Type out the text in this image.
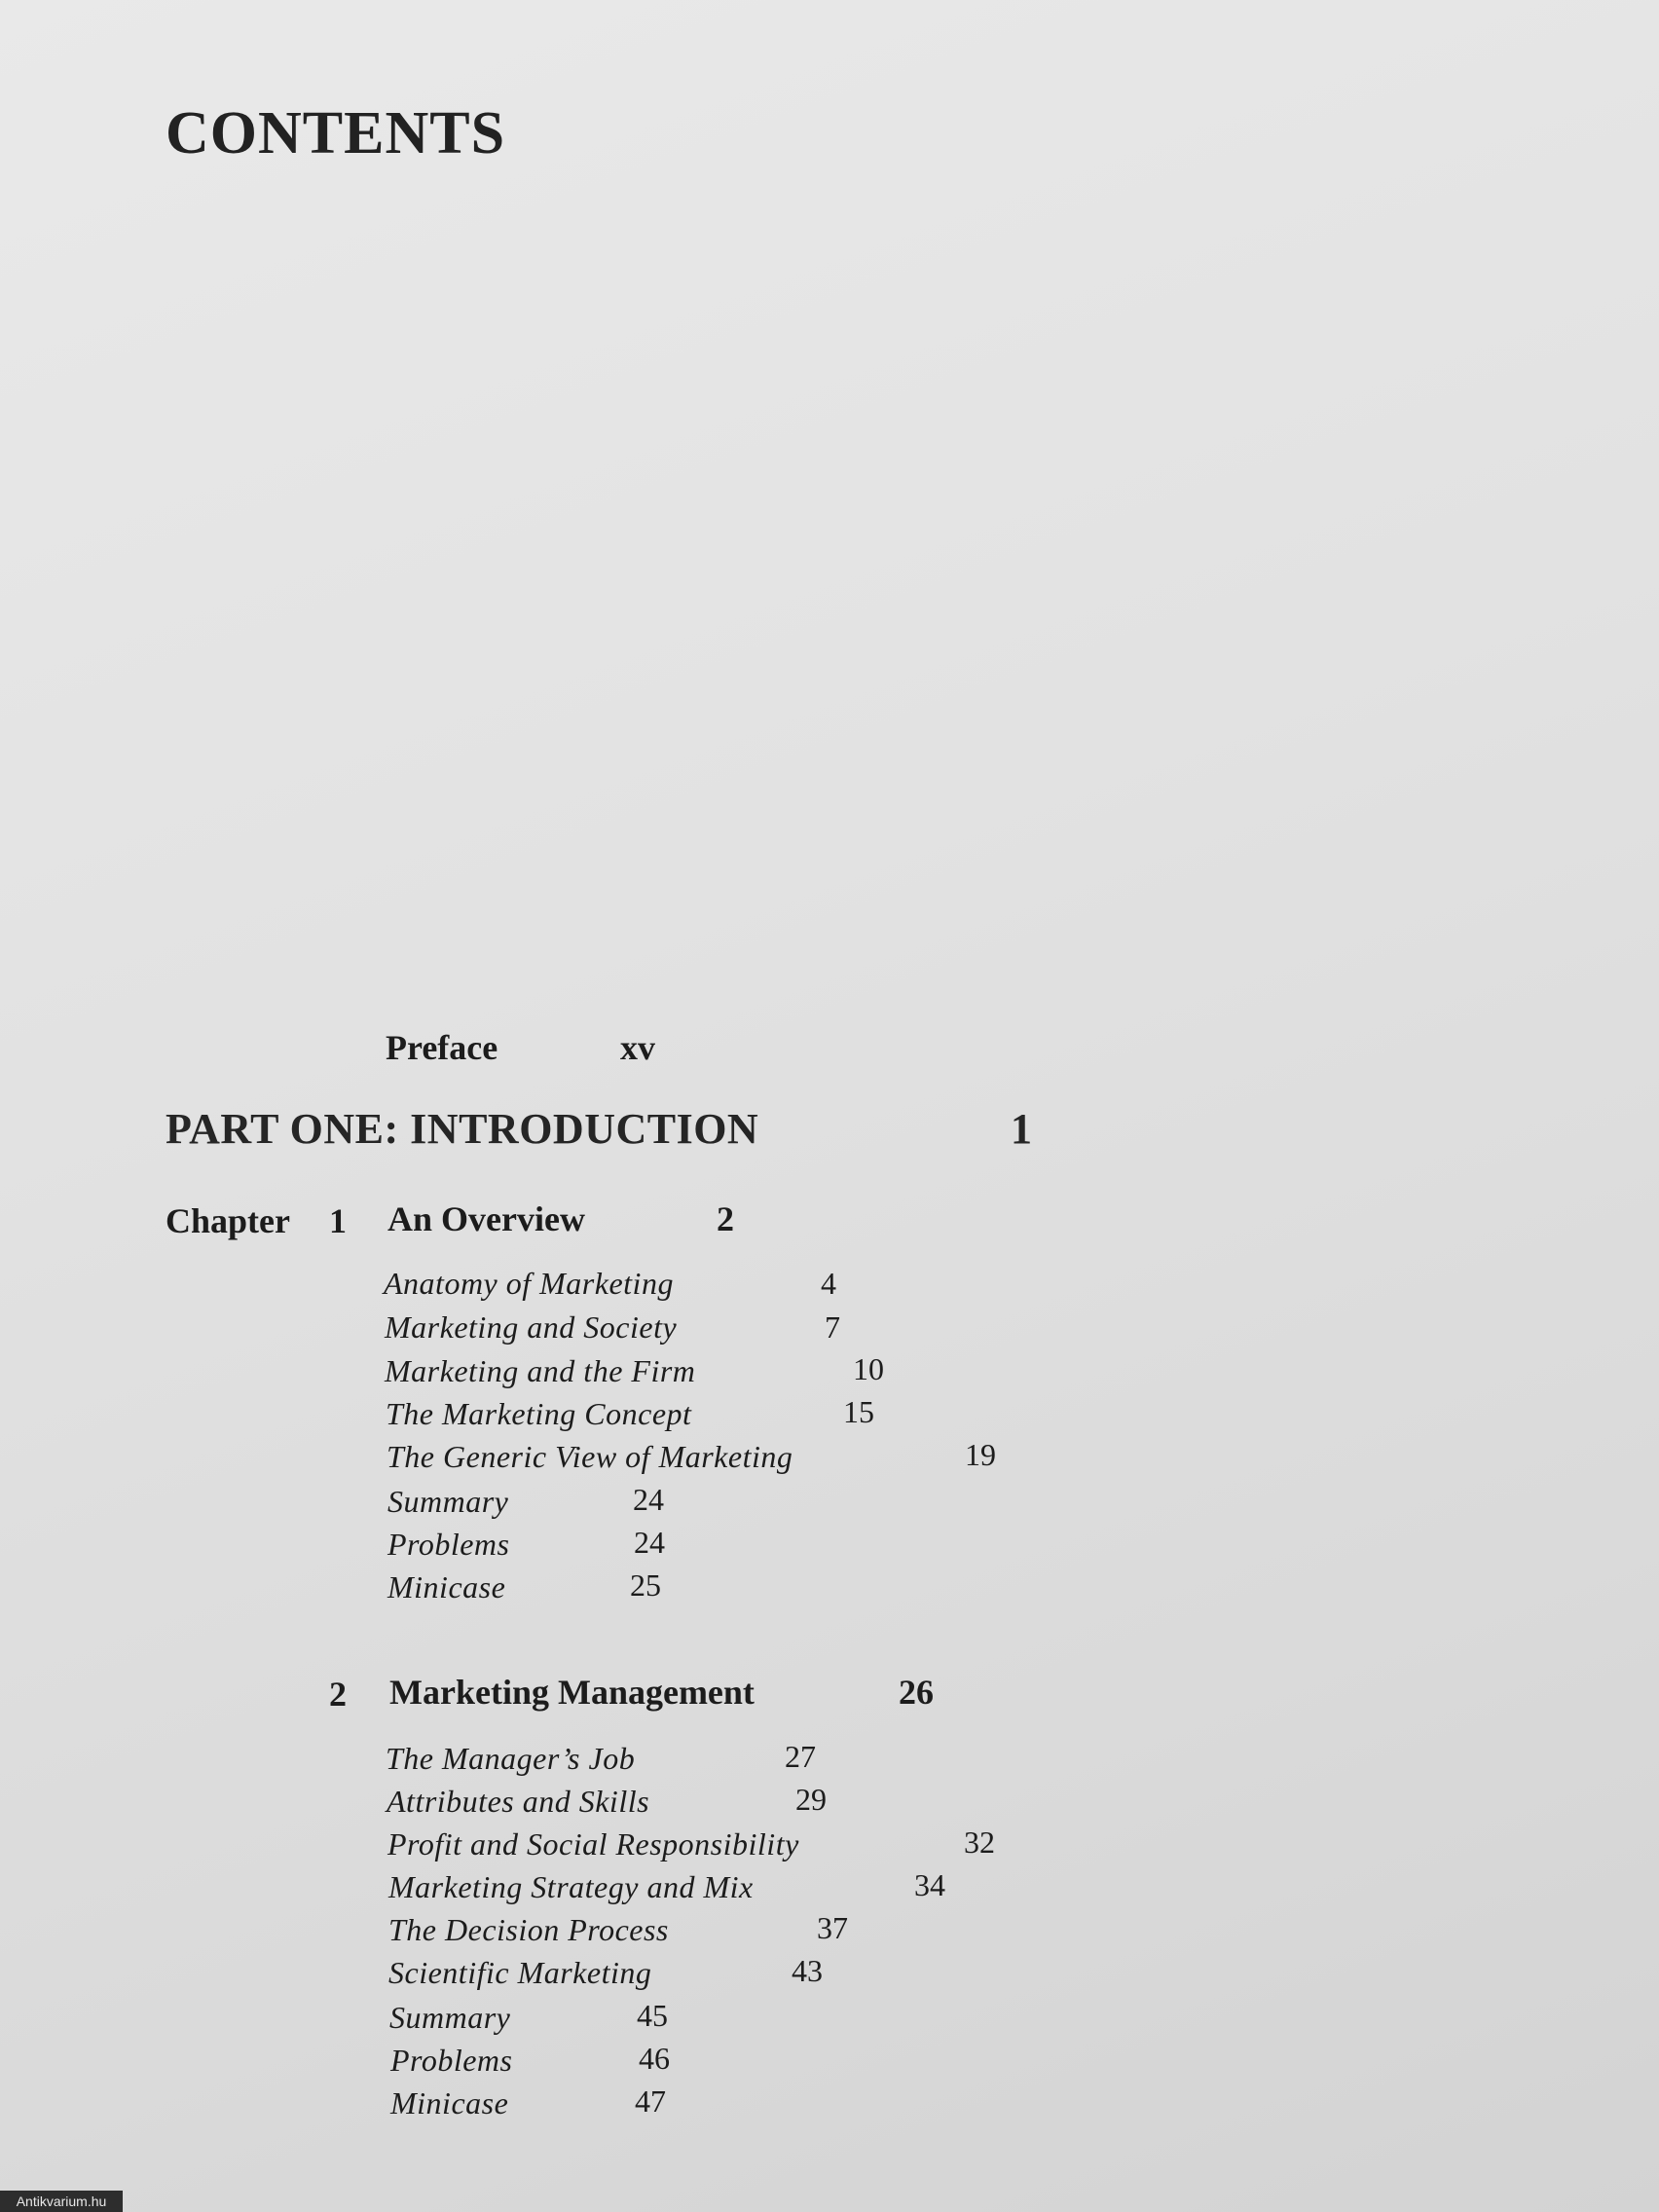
CONTENTS
Preface	xv
PART ONE: INTRODUCTION	1
Chapter 1 An Overview	2
Anatomy of Marketing	4
Marketing and Society	7
Marketing and the Firm	10
The Marketing Concept	15
The Generic View of Marketing	19
Summary	24
Problems	24
Minicase	25
2 Marketing Management	26
The Manager’s Job	27
Attributes and Skills	29
Profit and Social Responsibility	32
Marketing Strategy and Mix	34
The Decision Process	37
Scientific Marketing	43
Summary	45
Problems	46
Minicase	47
Antikvarium.hu
